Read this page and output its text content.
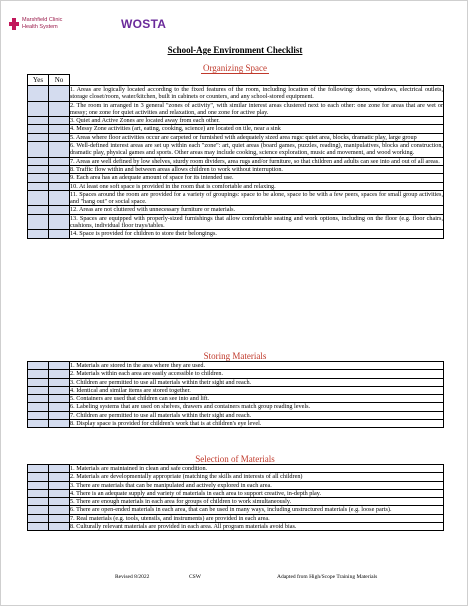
Marshfield Clinic
Health System	WOSTA
School-Age Environment Checklist
Organizing Space
Yes	No	
		1. Areas are logically located according to the fixed features of the room, including location of the following: doors, windows, electrical outlets, storage closet/room, water/kitchen, built in cabinets or counters, and any school-stored equipment.
		2. The room in arranged in 3 general "zones of activity", with similar interest areas clustered next to each other: one zone for areas that are wet or messy; one zone for quiet activities and relaxation, and one zone for active play.
		3. Quiet and Active Zones are located away from each other.
		4. Messy Zone activities (art, eating, cooking, science) are located on tile, near a sink
		5. Areas where floor activities occur are carpeted or furnished with adequately sized area rugs: quiet area, blocks, dramatic play, large group
		6. Well-defined interest areas are set up within each "zone": art, quiet areas (board games, puzzles, reading), manipulatives, blocks and construction, dramatic play, physical games and sports. Other areas may include cooking, science exploration, music and movement, and wood working.
		7. Areas are well defined by low shelves, sturdy room dividers, area rugs and/or furniture, so that children and adults can see into and out of all areas.
		8. Traffic flow within and between areas allows children to work without interruption.
		9. Each area has an adequate amount of space for its intended use.
		10. At least one soft space is provided in the room that is comfortable and relaxing.
		11. Spaces around the room are provided for a variety of groupings: space to be alone, space to be with a few peers, spaces for small group activities, and "hang out" or social space.
		12. Areas are not cluttered with unnecessary furniture or materials.
		13. Spaces are equipped with properly-sized furnishings that allow comfortable seating and work options, including on the floor (e.g. floor chairs, cushions, individual floor trays/tables.
		14. Space is provided for children to store their belongings.
Storing Materials
		1. Materials are stored in the area where they are used.
		2. Materials within each area are easily accessible to children.
		3. Children are permitted to use all materials within their sight and reach.
		4. Identical and similar items are stored together.
		5. Containers are used that children can see into and lift.
		6. Labeling systems that are used on shelves, drawers and containers match group reading levels.
		7. Children are permitted to use all materials within their sight and reach.
		8. Display space is provided for children's work that is at children's eye level.
Selection of Materials
		1. Materials are maintained in clean and safe condition.
		2. Materials are developmentally appropriate (matching the skills and interests of all children)
		3. There are materials that can be manipulated and actively explored in each area.
		4. There is an adequate supply and variety of materials in each area to support creative, in-depth play.
		5. There are enough materials in each area for groups of children to work simultaneously.
		6. There are open-ended materials in each area, that can be used in many ways, including unstructured materials (e.g. loose parts).
		7. Real materials (e.g. tools, utensils, and instruments) are provided in each area.
		8. Culturally relevant materials are provided in each area. All program materials avoid bias.
Revised 8/2022	CSW	Adapted from High/Scope Training Materials
